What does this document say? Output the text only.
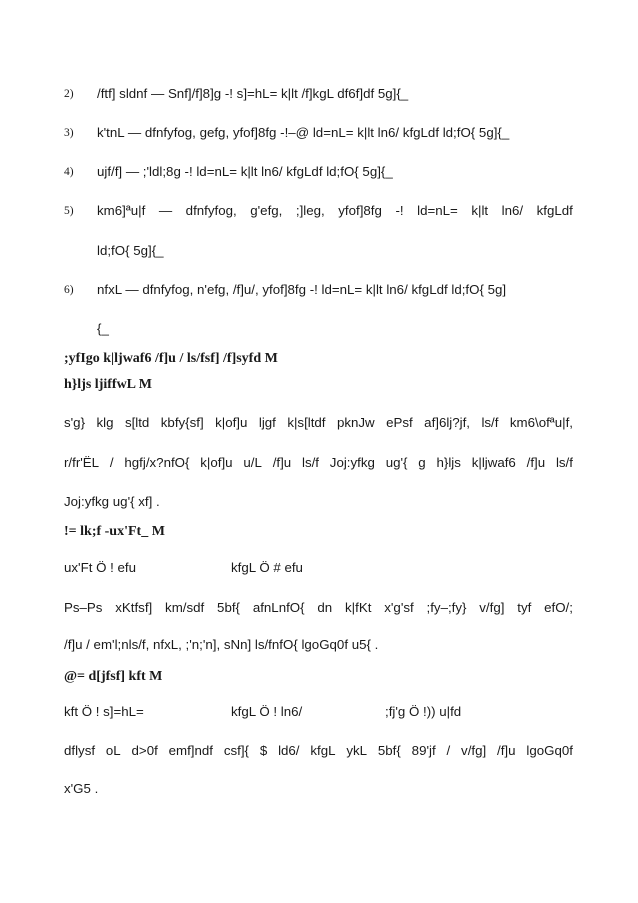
2) /ftf] sldnf — Snf]/f]8]g -! s]=hL= k|lt /f]kgL df6f]df 5g]{_
3) k'tnL — dfnfyfog, gefg, yfof]8fg -!–@ ld=nL= k|lt ln6/ kfgLdf ld;fO{ 5g]{_
4) ujf/f] — ;'ldl;8g -! ld=nL= k|lt ln6/ kfgLdf ld;fO{ 5g]{_
5) km6]ªu|f — dfnfyfog, g'efg, ;]leg, yfof]8fg -! ld=nL= k|lt ln6/ kfgLdf
ld;fO{ 5g]{_
6) nfxL — dfnfyfog, n'efg, /f]u/, yfof]8fg -! ld=nL= k|lt ln6/ kfgLdf ld;fO{ 5g]
{_
;yfIgo k|ljwaf6 /f]u / ls/fsf] /f]syfd M
h}ljs ljiffwL M
s'g} klg s[ltd kbfy{sf] k|of]u ljgf k|s[ltdf pknJw ePsf af]6lj?jf, ls/f km6\ofªu|f,
r/fr'ËL / hgfj/x?nfO{ k|of]u u/L /f]u ls/f Joj:yfkg ug'{ g h}ljs k|ljwaf6 /f]u ls/f
Joj:yfkg ug'{ xf] .
!= lk;f -ux'Ft_ M
ux'Ft Ö ! efu	kfgL Ö # efu
Ps–Ps xKtfsf] km/sdf 5bf{ afnLnfO{ dn k|fKt x'g'sf ;fy–;fy} v/fg] tyf efO/;
/f]u / em'l;nls/f, nfxL, ;'n;'n], sNn] ls/fnfO{ lgoGq0f u5{ .
@= d[jfsf] kft M
kft Ö ! s]=hL=	kfgL Ö ! ln6/	;fj'g Ö !)) u|fd
dflysf oL d>0f emf]ndf csf]{ $ ld6/ kfgL ykL 5bf{ 89'jf / v/fg] /f]u lgoGq0f
x'G5 .
